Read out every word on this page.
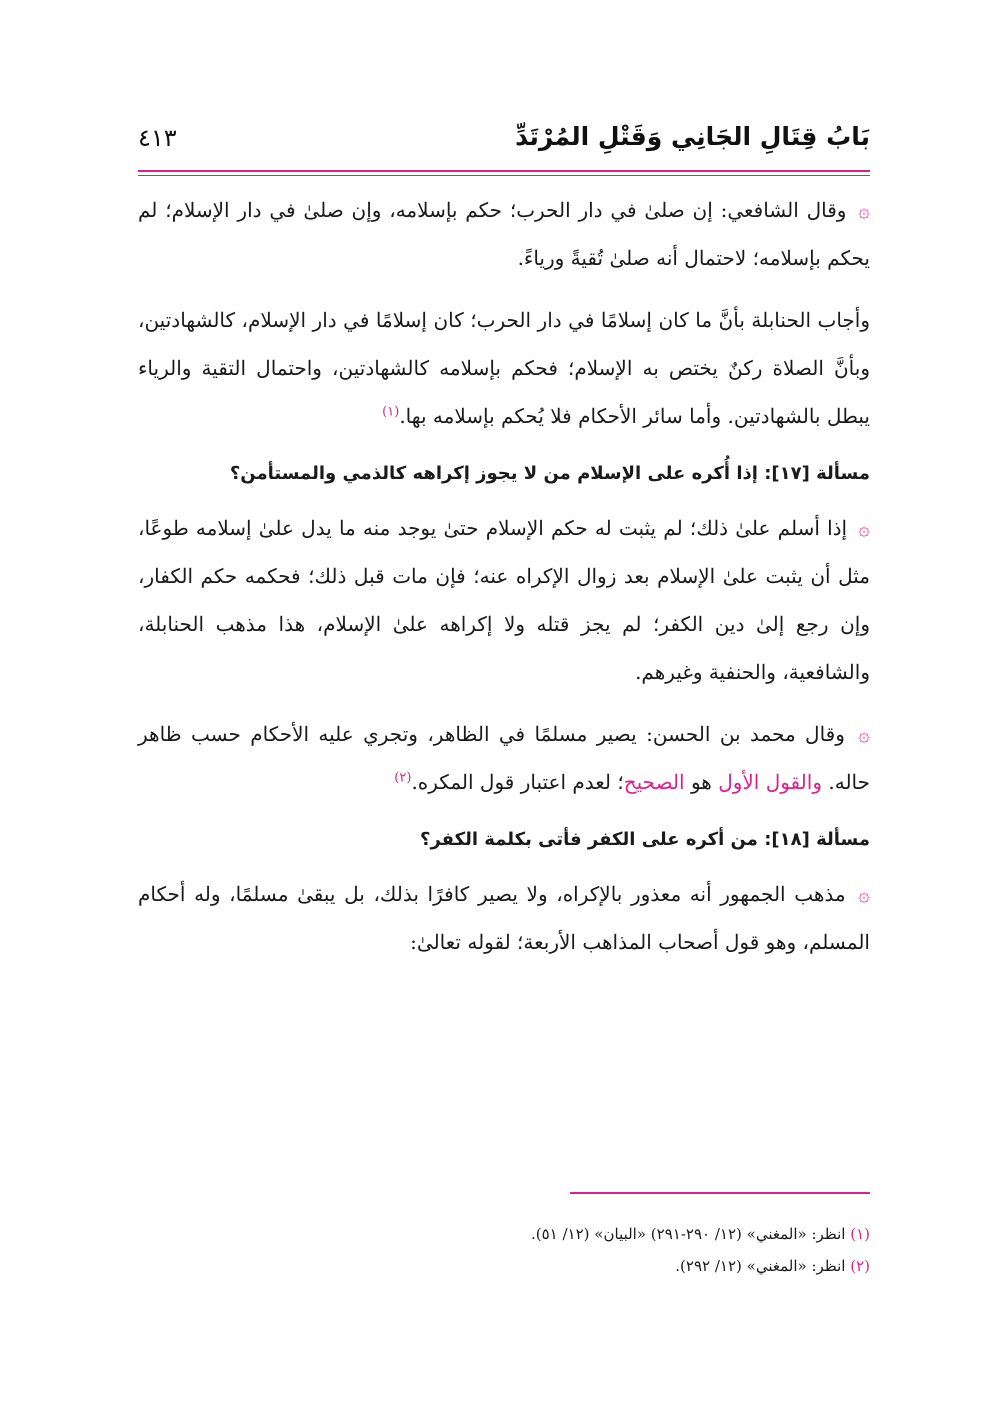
بَابُ قِتَالِ الجَانِي وَقَتْلِ المُرْتَدِّ
٤١٣

۞ وقال الشافعي: إن صلىٰ في دار الحرب؛ حكم بإسلامه، وإن صلىٰ في دار الإسلام؛ لم يحكم بإسلامه؛ لاحتمال أنه صلىٰ تُقيةً ورياءً.

وأجاب الحنابلة بأنَّ ما كان إسلامًا في دار الحرب؛ كان إسلامًا في دار الإسلام، كالشهادتين، وبأنَّ الصلاة ركنٌ يختص به الإسلام؛ فحكم بإسلامه كالشهادتين، واحتمال التقية والرياء يبطل بالشهادتين. وأما سائر الأحكام فلا يُحكم بإسلامه بها.$^{(١)}$

مسألة [١٧]: إذا أُكره على الإسلام من لا يجوز إكراهه كالذمي والمستأمن؟

۞ إذا أسلم علىٰ ذلك؛ لم يثبت له حكم الإسلام حتىٰ يوجد منه ما يدل علىٰ إسلامه طوعًا، مثل أن يثبت علىٰ الإسلام بعد زوال الإكراه عنه؛ فإن مات قبل ذلك؛ فحكمه حكم الكفار، وإن رجع إلىٰ دين الكفر؛ لم يجز قتله ولا إكراهه علىٰ الإسلام، هذا مذهب الحنابلة، والشافعية، والحنفية وغيرهم.

۞ وقال محمد بن الحسن: يصير مسلمًا في الظاهر، وتجري عليه الأحكام حسب ظاهر حاله. والقول الأول هو الصحيح؛ لعدم اعتبار قول المكره.$^{(٢)}$

مسألة [١٨]: من أكره على الكفر فأتى بكلمة الكفر؟

۞ مذهب الجمهور أنه معذور بالإكراه، ولا يصير كافرًا بذلك، بل يبقىٰ مسلمًا، وله أحكام المسلم، وهو قول أصحاب المذاهب الأربعة؛ لقوله تعالىٰ:

(١) انظر: «المغني» (١٢/ ٢٩٠-٢٩١) «البيان» (١٢/ ٥١).

(٢) انظر: «المغني» (١٢/ ٢٩٢).
